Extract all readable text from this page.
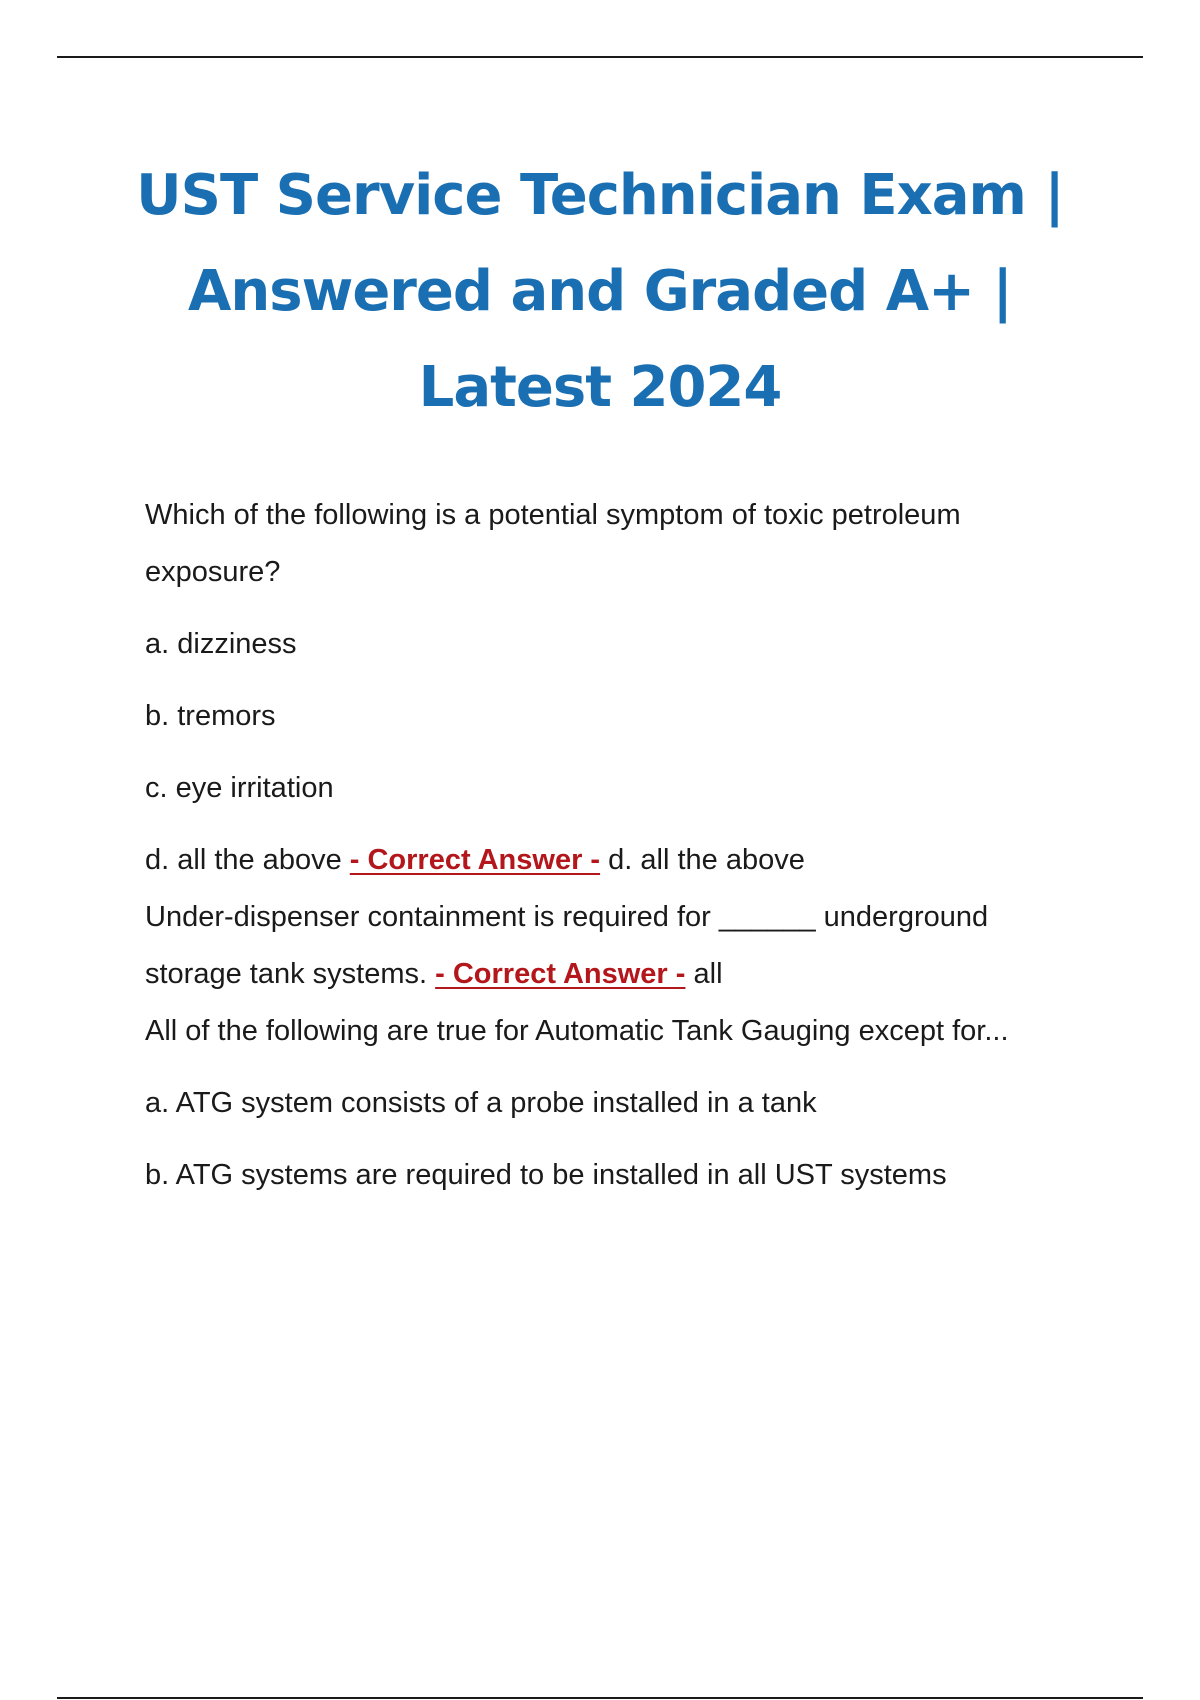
UST Service Technician Exam |
Answered and Graded A+ |
Latest 2024

Which of the following is a potential symptom of toxic petroleum exposure?

a. dizziness

b. tremors

c. eye irritation

d. all the above - Correct Answer - d. all the above

Under-dispenser containment is required for ______ underground storage tank systems. - Correct Answer - all

All of the following are true for Automatic Tank Gauging except for...

a. ATG system consists of a probe installed in a tank

b. ATG systems are required to be installed in all UST systems
